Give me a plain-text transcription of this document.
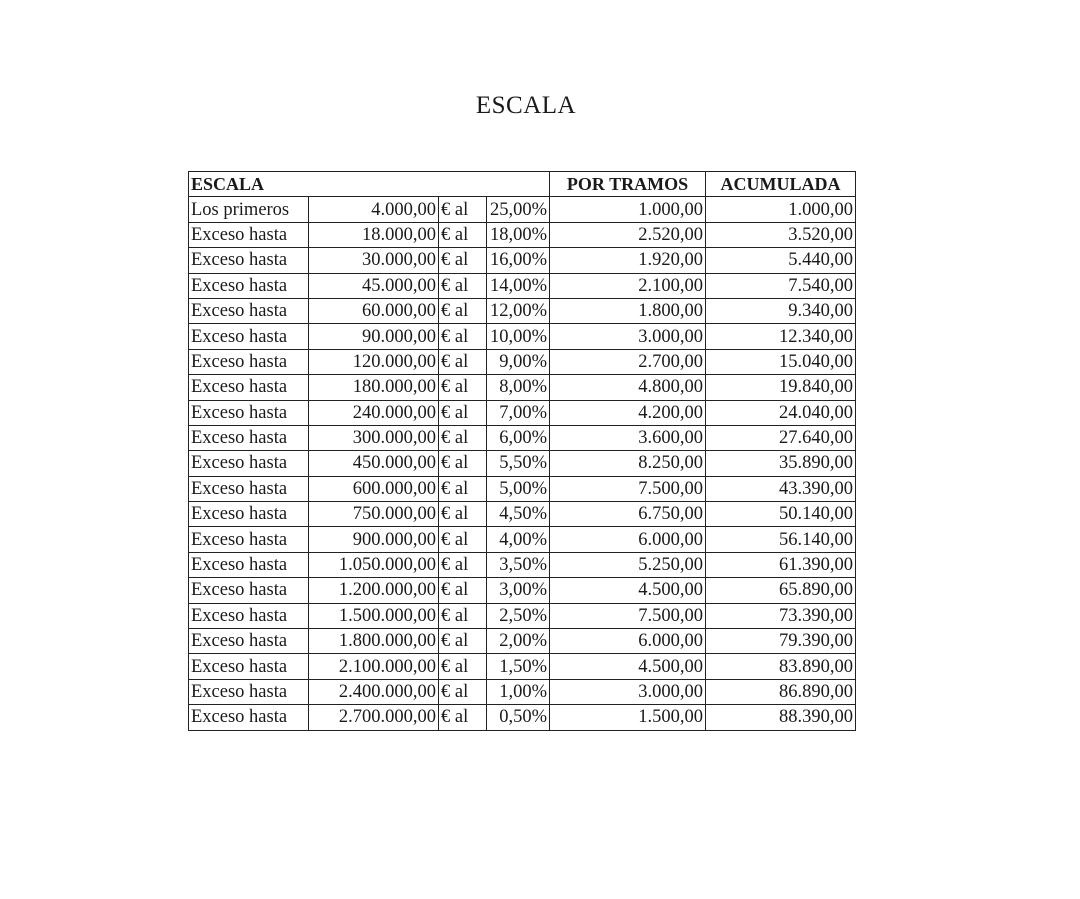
ESCALA
ESCALA				POR TRAMOS	ACUMULADA
Los primeros	4.000,00	€ al	25,00%	1.000,00	1.000,00
Exceso hasta	18.000,00	€ al	18,00%	2.520,00	3.520,00
Exceso hasta	30.000,00	€ al	16,00%	1.920,00	5.440,00
Exceso hasta	45.000,00	€ al	14,00%	2.100,00	7.540,00
Exceso hasta	60.000,00	€ al	12,00%	1.800,00	9.340,00
Exceso hasta	90.000,00	€ al	10,00%	3.000,00	12.340,00
Exceso hasta	120.000,00	€ al	9,00%	2.700,00	15.040,00
Exceso hasta	180.000,00	€ al	8,00%	4.800,00	19.840,00
Exceso hasta	240.000,00	€ al	7,00%	4.200,00	24.040,00
Exceso hasta	300.000,00	€ al	6,00%	3.600,00	27.640,00
Exceso hasta	450.000,00	€ al	5,50%	8.250,00	35.890,00
Exceso hasta	600.000,00	€ al	5,00%	7.500,00	43.390,00
Exceso hasta	750.000,00	€ al	4,50%	6.750,00	50.140,00
Exceso hasta	900.000,00	€ al	4,00%	6.000,00	56.140,00
Exceso hasta	1.050.000,00	€ al	3,50%	5.250,00	61.390,00
Exceso hasta	1.200.000,00	€ al	3,00%	4.500,00	65.890,00
Exceso hasta	1.500.000,00	€ al	2,50%	7.500,00	73.390,00
Exceso hasta	1.800.000,00	€ al	2,00%	6.000,00	79.390,00
Exceso hasta	2.100.000,00	€ al	1,50%	4.500,00	83.890,00
Exceso hasta	2.400.000,00	€ al	1,00%	3.000,00	86.890,00
Exceso hasta	2.700.000,00	€ al	0,50%	1.500,00	88.390,00
